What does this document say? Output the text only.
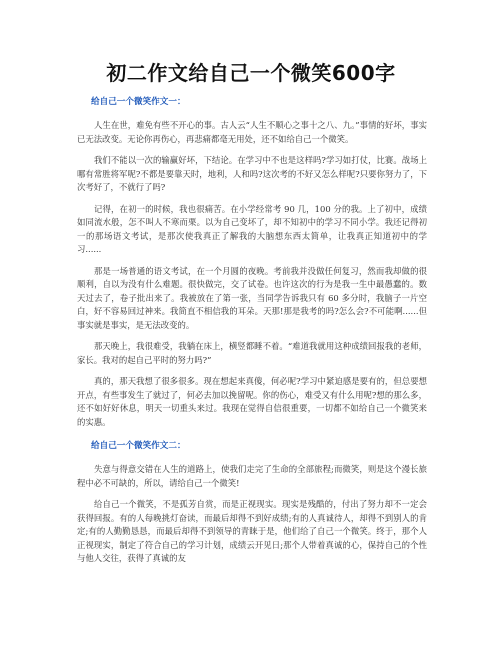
初二作文给自己一个微笑600字
给自己一个微笑作文一：

人生在世，难免有些不开心的事。古人云“人生不顺心之事十之八、九。”事情的好坏，事实已无法改变。无论你再伤心，再悲痛都毫无用处，还不如给自己一个微笑。

我们不能以一次的输赢好坏，下结论。在学习中不也是这样吗?学习如打仗，比赛。战场上哪有常胜将军呢?不都是要靠天时，地利，人和吗?这次考的不好又怎么样呢?只要你努力了，下次考好了，不就行了吗?

记得，在初一的时候，我也很痛苦。在小学经常考 90 几，100 分的我。上了初中，成绩如同流水般，怎不叫人不寒而栗。以为自己变坏了，却不知初中的学习不同小学。我还记得初一的那场语文考试，是那次使我真正了解我的大脑想东西太简单，让我真正知道初中的学习......

那是一场普通的语文考试，在一个月圆的夜晚。考前我并没做任何复习，然而我却做的很顺利，自以为没有什么难题。很快做完，交了试卷。也许这次的行为是我一生中最愚蠢的。数天过去了，卷子批出来了。我被放在了第一张，当同学告诉我只有 60 多分时，我脑子一片空白，好不容易回过神来。我简直不相信我的耳朵。天那!那是我考的吗?怎么会?不可能啊......但事实就是事实，是无法改变的。

那天晚上，我很难受，我躺在床上，横竖都睡不着。“难道我就用这种成绩回报我的老师，家长。我对的起自己平时的努力吗?”

真的，那天我想了很多很多。现在想起来真傻，何必呢?学习中紧迫感是要有的，但总要想开点，有些事发生了就过了，何必去加以挽留呢。你的伤心，难受又有什么用呢?想的那么多，还不如好好休息，明天一切重头来过。我现在觉得自信很重要，一切都不如给自己一个微笑来的实惠。

给自己一个微笑作文二：

失意与得意交错在人生的道路上，使我们走完了生命的全部旅程;而微笑，则是这个漫长旅程中必不可缺的，所以，请给自己一个微笑!

给自己一个微笑，不是孤芳自赏，而是正视现实。现实是残酷的，付出了努力却不一定会获得回报。有的人每晚挑灯奋读，而最后却得不到好成绩;有的人真诚待人，却得不到别人的肯定;有的人勤勤恳恳，而最后却得不到领导的青睐于是，他们给了自己一个微笑。终于，那个人正视现实，制定了符合自己的学习计划，成绩云开见日;那个人带着真诚的心，保持自己的个性与他人交往，获得了真诚的友
